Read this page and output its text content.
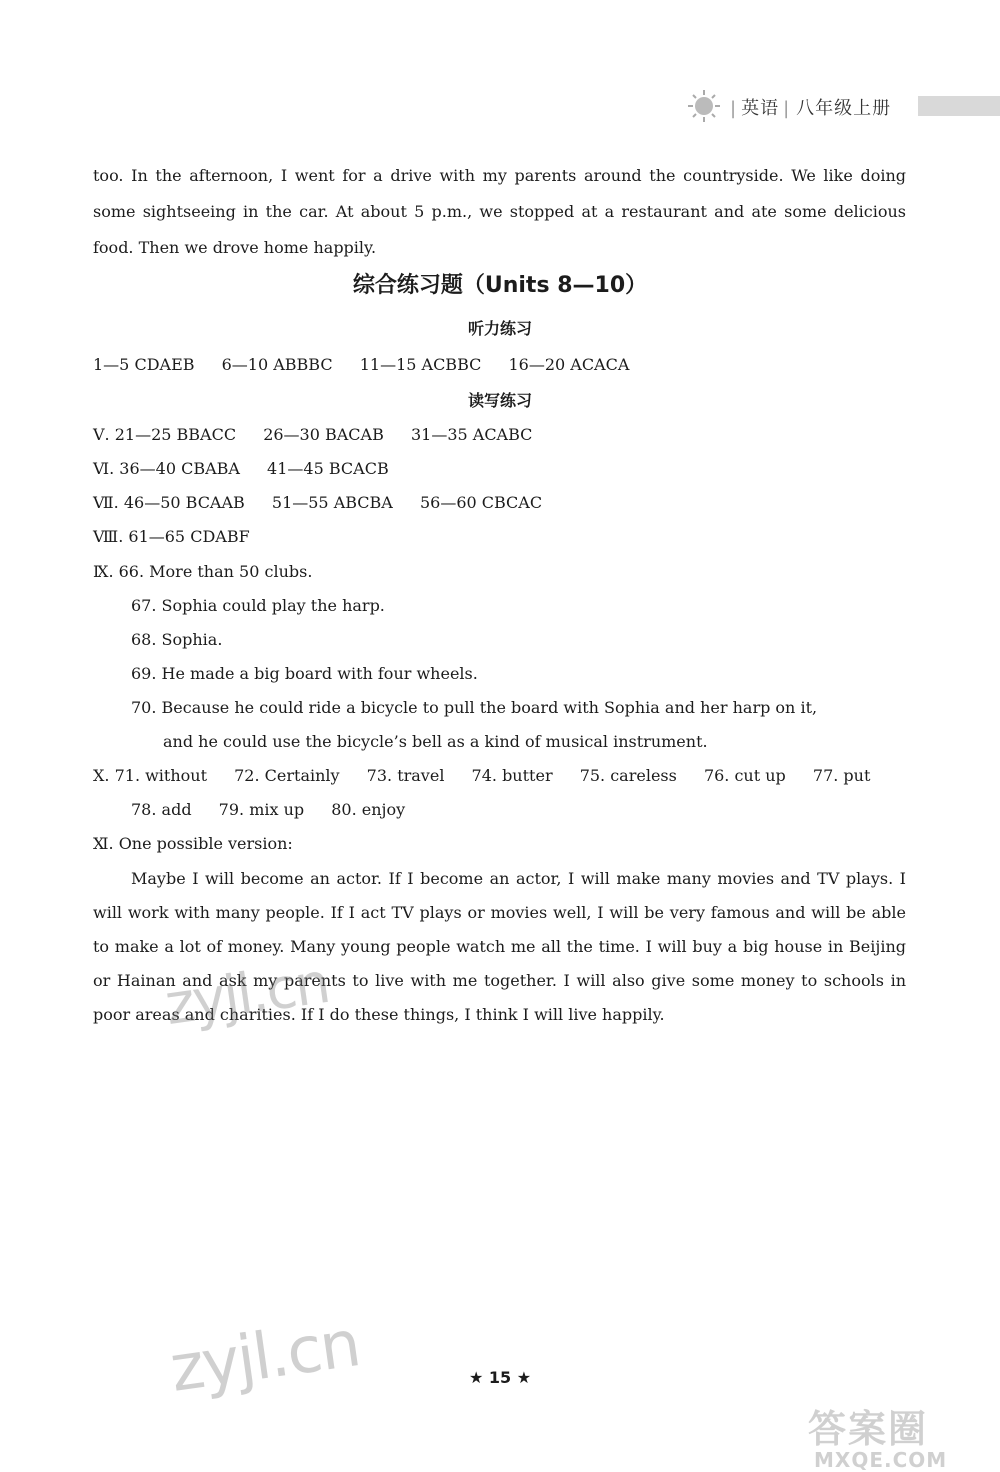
| 英语 | 八年级上册
too. In the afternoon, I went for a drive with my parents around the countryside. We like doing some sightseeing in the car. At about 5 p.m., we stopped at a restaurant and ate some delicious food. Then we drove home happily.
综合练习题（Units 8—10）
听力练习
1—5 CDAEB 6—10 ABBBC 11—15 ACBBC 16—20 ACACA
读写练习
Ⅴ. 21—25 BBACC 26—30 BACAB 31—35 ACABC
Ⅵ. 36—40 CBABA 41—45 BCACB
Ⅶ. 46—50 BCAAB 51—55 ABCBA 56—60 CBCAC
Ⅷ. 61—65 CDABF
Ⅸ. 66. More than 50 clubs.
67. Sophia could play the harp.
68. Sophia.
69. He made a big board with four wheels.
70. Because he could ride a bicycle to pull the board with Sophia and her harp on it,
and he could use the bicycle’s bell as a kind of musical instrument.
Ⅹ. 71. without 72. Certainly 73. travel 74. butter 75. careless 76. cut up 77. put
78. add 79. mix up 80. enjoy
Ⅺ. One possible version:
Maybe I will become an actor. If I become an actor, I will make many movies and TV plays. I will work with many people. If I act TV plays or movies well, I will be very famous and will be able to make a lot of money. Many young people watch me all the time. I will buy a big house in Beijing or Hainan and ask my parents to live with me together. I will also give some money to schools in poor areas and charities. If I do these things, I think I will live happily.
zyjl.cn
zyjl.cn	★ 15 ★
答案圈
MXQE.COM
